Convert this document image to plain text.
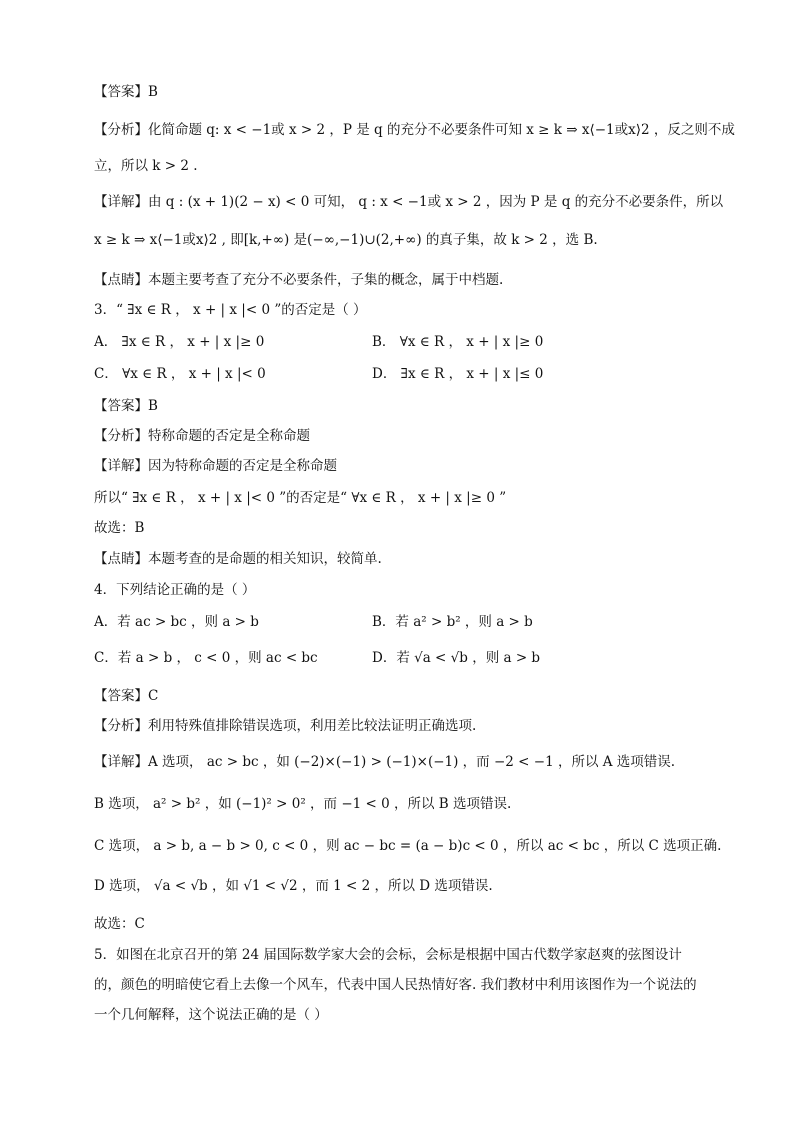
【答案】B
【分析】化简命题 q: x < −1或 x > 2 ，P 是 q 的充分不必要条件可知 x ≥ k ⇒ x⟨−1或x⟩2 ，反之则不成
立，所以 k > 2 .
【详解】由 q : (x + 1)(2 − x) < 0 可知， q : x < −1或 x > 2 ，因为 P 是 q 的充分不必要条件，所以
x ≥ k ⇒ x⟨−1或x⟩2 , 即[k,+∞) 是(−∞,−1)∪(2,+∞) 的真子集，故 k > 2 ，选 B.
【点睛】本题主要考查了充分不必要条件，子集的概念，属于中档题.
3．“ ∃x ∈ R ， x + | x |< 0 ”的否定是（ ）
A． ∃x ∈ R ， x + | x |≥ 0	B． ∀x ∈ R ， x + | x |≥ 0
C． ∀x ∈ R ， x + | x |< 0	D． ∃x ∈ R ， x + | x |≤ 0
【答案】B
【分析】特称命题的否定是全称命题
【详解】因为特称命题的否定是全称命题
所以“ ∃x ∈ R ， x + | x |< 0 ”的否定是“ ∀x ∈ R ， x + | x |≥ 0 ”
故选：B
【点睛】本题考查的是命题的相关知识，较简单.
4．下列结论正确的是（ ）
A．若 ac > bc ，则 a > b	B．若 a² > b² ，则 a > b
C．若 a > b ， c < 0 ，则 ac < bc	D．若 √a < √b ，则 a > b
【答案】C
【分析】利用特殊值排除错误选项，利用差比较法证明正确选项.
【详解】A 选项， ac > bc ，如 (−2)×(−1) > (−1)×(−1) ，而 −2 < −1 ，所以 A 选项错误.
B 选项， a² > b² ，如 (−1)² > 0² ，而 −1 < 0 ，所以 B 选项错误.
C 选项， a > b, a − b > 0, c < 0 ，则 ac − bc = (a − b)c < 0 ，所以 ac < bc ，所以 C 选项正确.
D 选项， √a < √b ，如 √1 < √2 ，而 1 < 2 ，所以 D 选项错误.
故选：C
5．如图在北京召开的第 24 届国际数学家大会的会标，会标是根据中国古代数学家赵爽的弦图设计的，颜色的明暗使它看上去像一个风车，代表中国人民热情好客. 我们教材中利用该图作为一个说法的一个几何解释，这个说法正确的是（ ）
